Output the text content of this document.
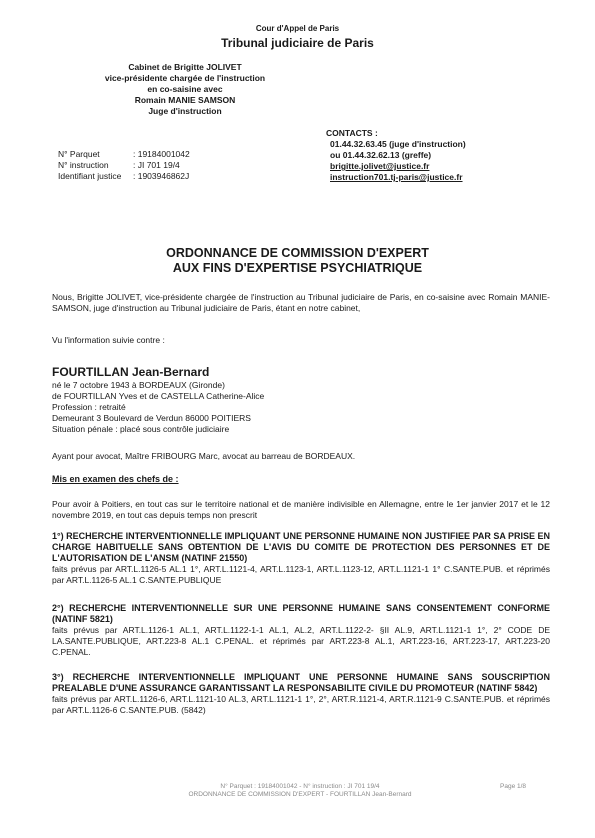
Cour d'Appel de Paris
Tribunal judiciaire de Paris
Cabinet de Brigitte JOLIVET
vice-présidente chargée de l'instruction
en co-saisine avec
Romain MANIE SAMSON
Juge d'instruction
N° Parquet	: 19184001042
N° instruction	: JI 701 19/4
Identifiant justice : 1903946862J
CONTACTS :
01.44.32.63.45 (juge d'instruction)
ou 01.44.32.62.13 (greffe)
brigitte.jolivet@justice.fr
instruction701.tj-paris@justice.fr
ORDONNANCE DE COMMISSION D'EXPERT
AUX FINS D'EXPERTISE PSYCHIATRIQUE
Nous, Brigitte JOLIVET, vice-présidente chargée de l'instruction au Tribunal judiciaire de Paris, en co-saisine avec Romain MANIE-SAMSON, juge d'instruction au Tribunal judiciaire de Paris, étant en notre cabinet,
Vu l'information suivie contre :
FOURTILLAN Jean-Bernard
né le 7 octobre 1943 à BORDEAUX (Gironde)
de FOURTILLAN Yves et de CASTELLA Catherine-Alice
Profession : retraité
Demeurant 3 Boulevard de Verdun 86000 POITIERS
Situation pénale : placé sous contrôle judiciaire
Ayant pour avocat, Maître FRIBOURG Marc, avocat au barreau de BORDEAUX.
Mis en examen des chefs de :
Pour avoir à Poitiers, en tout cas sur le territoire national et de manière indivisible en Allemagne, entre le 1er janvier 2017 et le 12 novembre 2019, en tout cas depuis temps non prescrit
1°) RECHERCHE INTERVENTIONNELLE IMPLIQUANT UNE PERSONNE HUMAINE NON JUSTIFIEE PAR SA PRISE EN CHARGE HABITUELLE SANS OBTENTION DE L'AVIS DU COMITE DE PROTECTION DES PERSONNES ET DE L'AUTORISATION DE L'ANSM (NATINF 21550)
faits prévus par ART.L.1126-5 AL.1 1°, ART.L.1121-4, ART.L.1123-1, ART.L.1123-12, ART.L.1121-1 1° C.SANTE.PUB. et réprimés par ART.L.1126-5 AL.1 C.SANTE.PUBLIQUE
2°) RECHERCHE INTERVENTIONNELLE SUR UNE PERSONNE HUMAINE SANS CONSENTEMENT CONFORME (NATINF 5821)
faits prévus par ART.L.1126-1 AL.1, ART.L.1122-1-1 AL.1, AL.2, ART.L.1122-2- §II AL.9, ART.L.1121-1 1°, 2° CODE DE LA.SANTE.PUBLIQUE, ART.223-8 AL.1 C.PENAL. et réprimés par ART.223-8 AL.1, ART.223-16, ART.223-17, ART.223-20 C.PENAL.
3°) RECHERCHE INTERVENTIONNELLE IMPLIQUANT UNE PERSONNE HUMAINE SANS SOUSCRIPTION PREALABLE D'UNE ASSURANCE GARANTISSANT LA RESPONSABILITE CIVILE DU PROMOTEUR (NATINF 5842)
faits prévus par ART.L.1126-6, ART.L.1121-10 AL.3, ART.L.1121-1 1°, 2°, ART.R.1121-4, ART.R.1121-9 C.SANTE.PUB. et réprimés par ART.L.1126-6 C.SANTE.PUB. (5842)
N° Parquet : 19184001042 - N° instruction : JI 701 19/4
ORDONNANCE DE COMMISSION D'EXPERT - FOURTILLAN Jean-Bernard
Page 1/8
